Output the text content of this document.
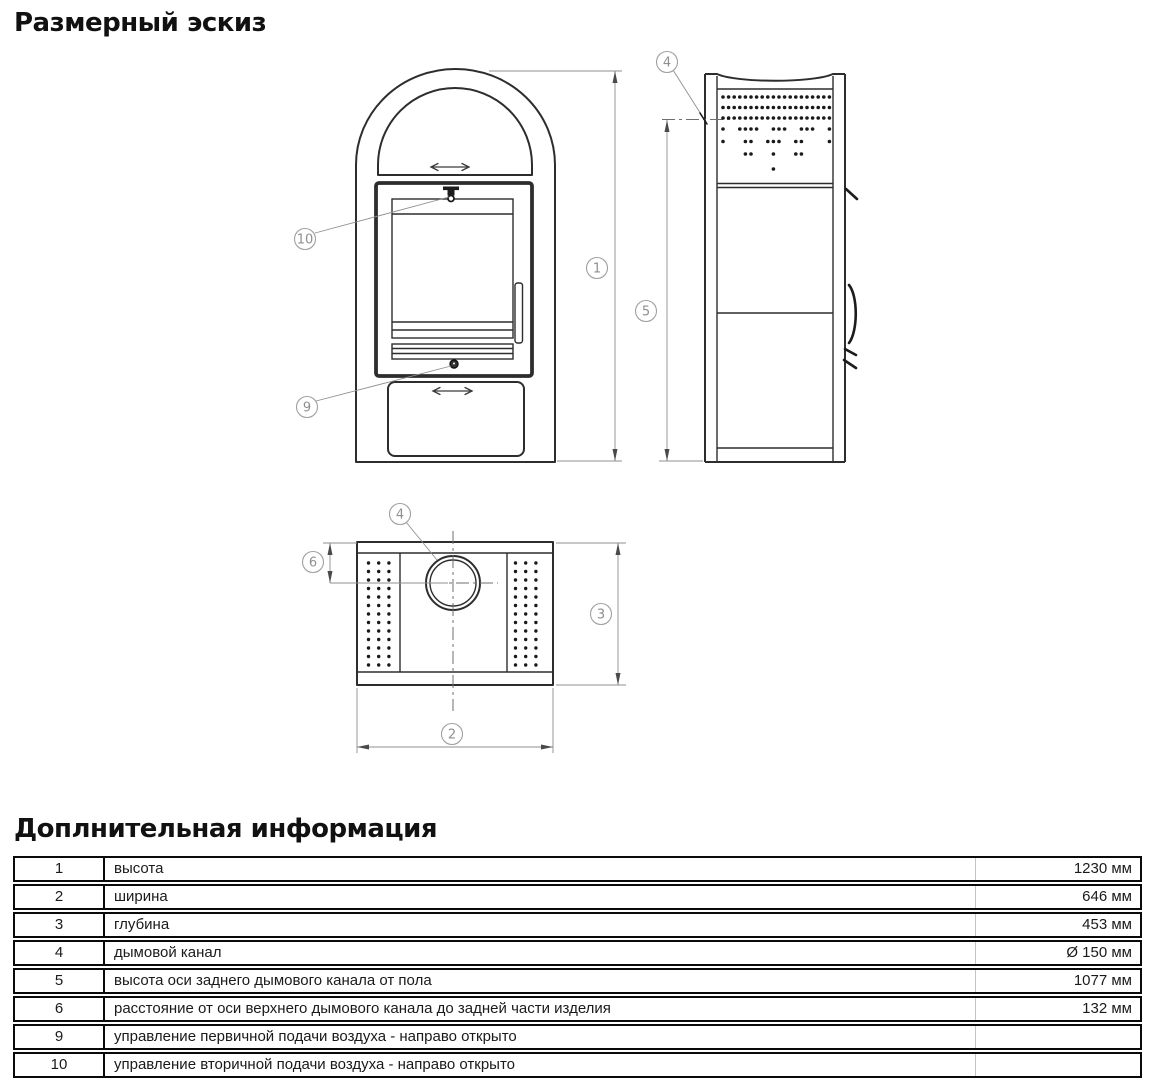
Размерный эскиз
10
9
1
5
4
4
6
3
2
Доплнительная информация
1	высота	1230 мм
2	ширина	646 мм
3	глубина	453 мм
4	дымовой канал	Ø 150 мм
5	высота оси заднего дымового канала от пола	1077 мм
6	расстояние от оси верхнего дымового канала до задней части изделия	132 мм
9	управление первичной подачи воздуха - направо открыто
10	управление вторичной подачи воздуха - направо открыто
